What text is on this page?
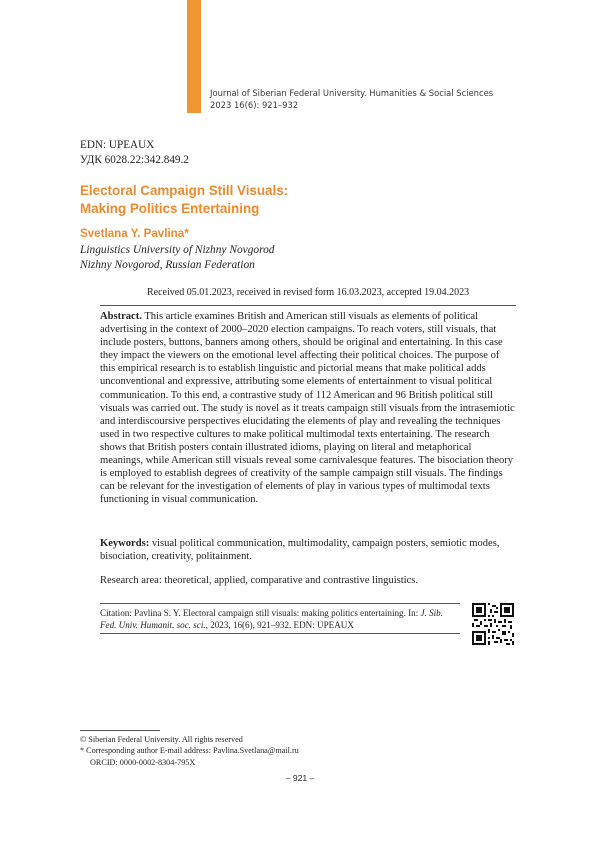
Journal of Siberian Federal University. Humanities & Social Sciences
2023 16(6): 921–932
EDN: UPEAUX
УДК 6028.22:342.849.2
Electoral Campaign Still Visuals:
Making Politics Entertaining
Svetlana Y. Pavlina*
Linguistics University of Nizhny Novgorod
Nizhny Novgorod, Russian Federation
Received 05.01.2023, received in revised form 16.03.2023, accepted 19.04.2023

Abstract. This article examines British and American still visuals as elements of political advertising in the context of 2000–2020 election campaigns. To reach voters, still visuals, that include posters, buttons, banners among others, should be original and entertaining. In this case they impact the viewers on the emotional level affecting their political choices. The purpose of this empirical research is to establish linguistic and pictorial means that make political adds unconventional and expressive, attributing some elements of entertainment to visual political communication. To this end, a contrastive study of 112 American and 96 British political still visuals was carried out. The study is novel as it treats campaign still visuals from the intrasemiotic and interdiscoursive perspectives elucidating the elements of play and revealing the techniques used in two respective cultures to make political multimodal texts entertaining. The research shows that British posters contain illustrated idioms, playing on literal and metaphorical meanings, while American still visuals reveal some carnivalesque features. The bisociation theory is employed to establish degrees of creativity of the sample campaign still visuals. The findings can be relevant for the investigation of elements of play in various types of multimodal texts functioning in visual communication.

Keywords: visual political communication, multimodality, campaign posters, semiotic modes, bisociation, creativity, politainment.

Research area: theoretical, applied, comparative and contrastive linguistics.
Citation: Pavlina S. Y. Electoral campaign still visuals: making politics entertaining. In: J. Sib. Fed. Univ. Humanit. soc. sci., 2023, 16(6), 921–932. EDN: UPEAUX
© Siberian Federal University. All rights reserved
* Corresponding author E-mail address: Pavlina.Svetlana@mail.ru
ORCID: 0000-0002-8304-795X
– 921 –
